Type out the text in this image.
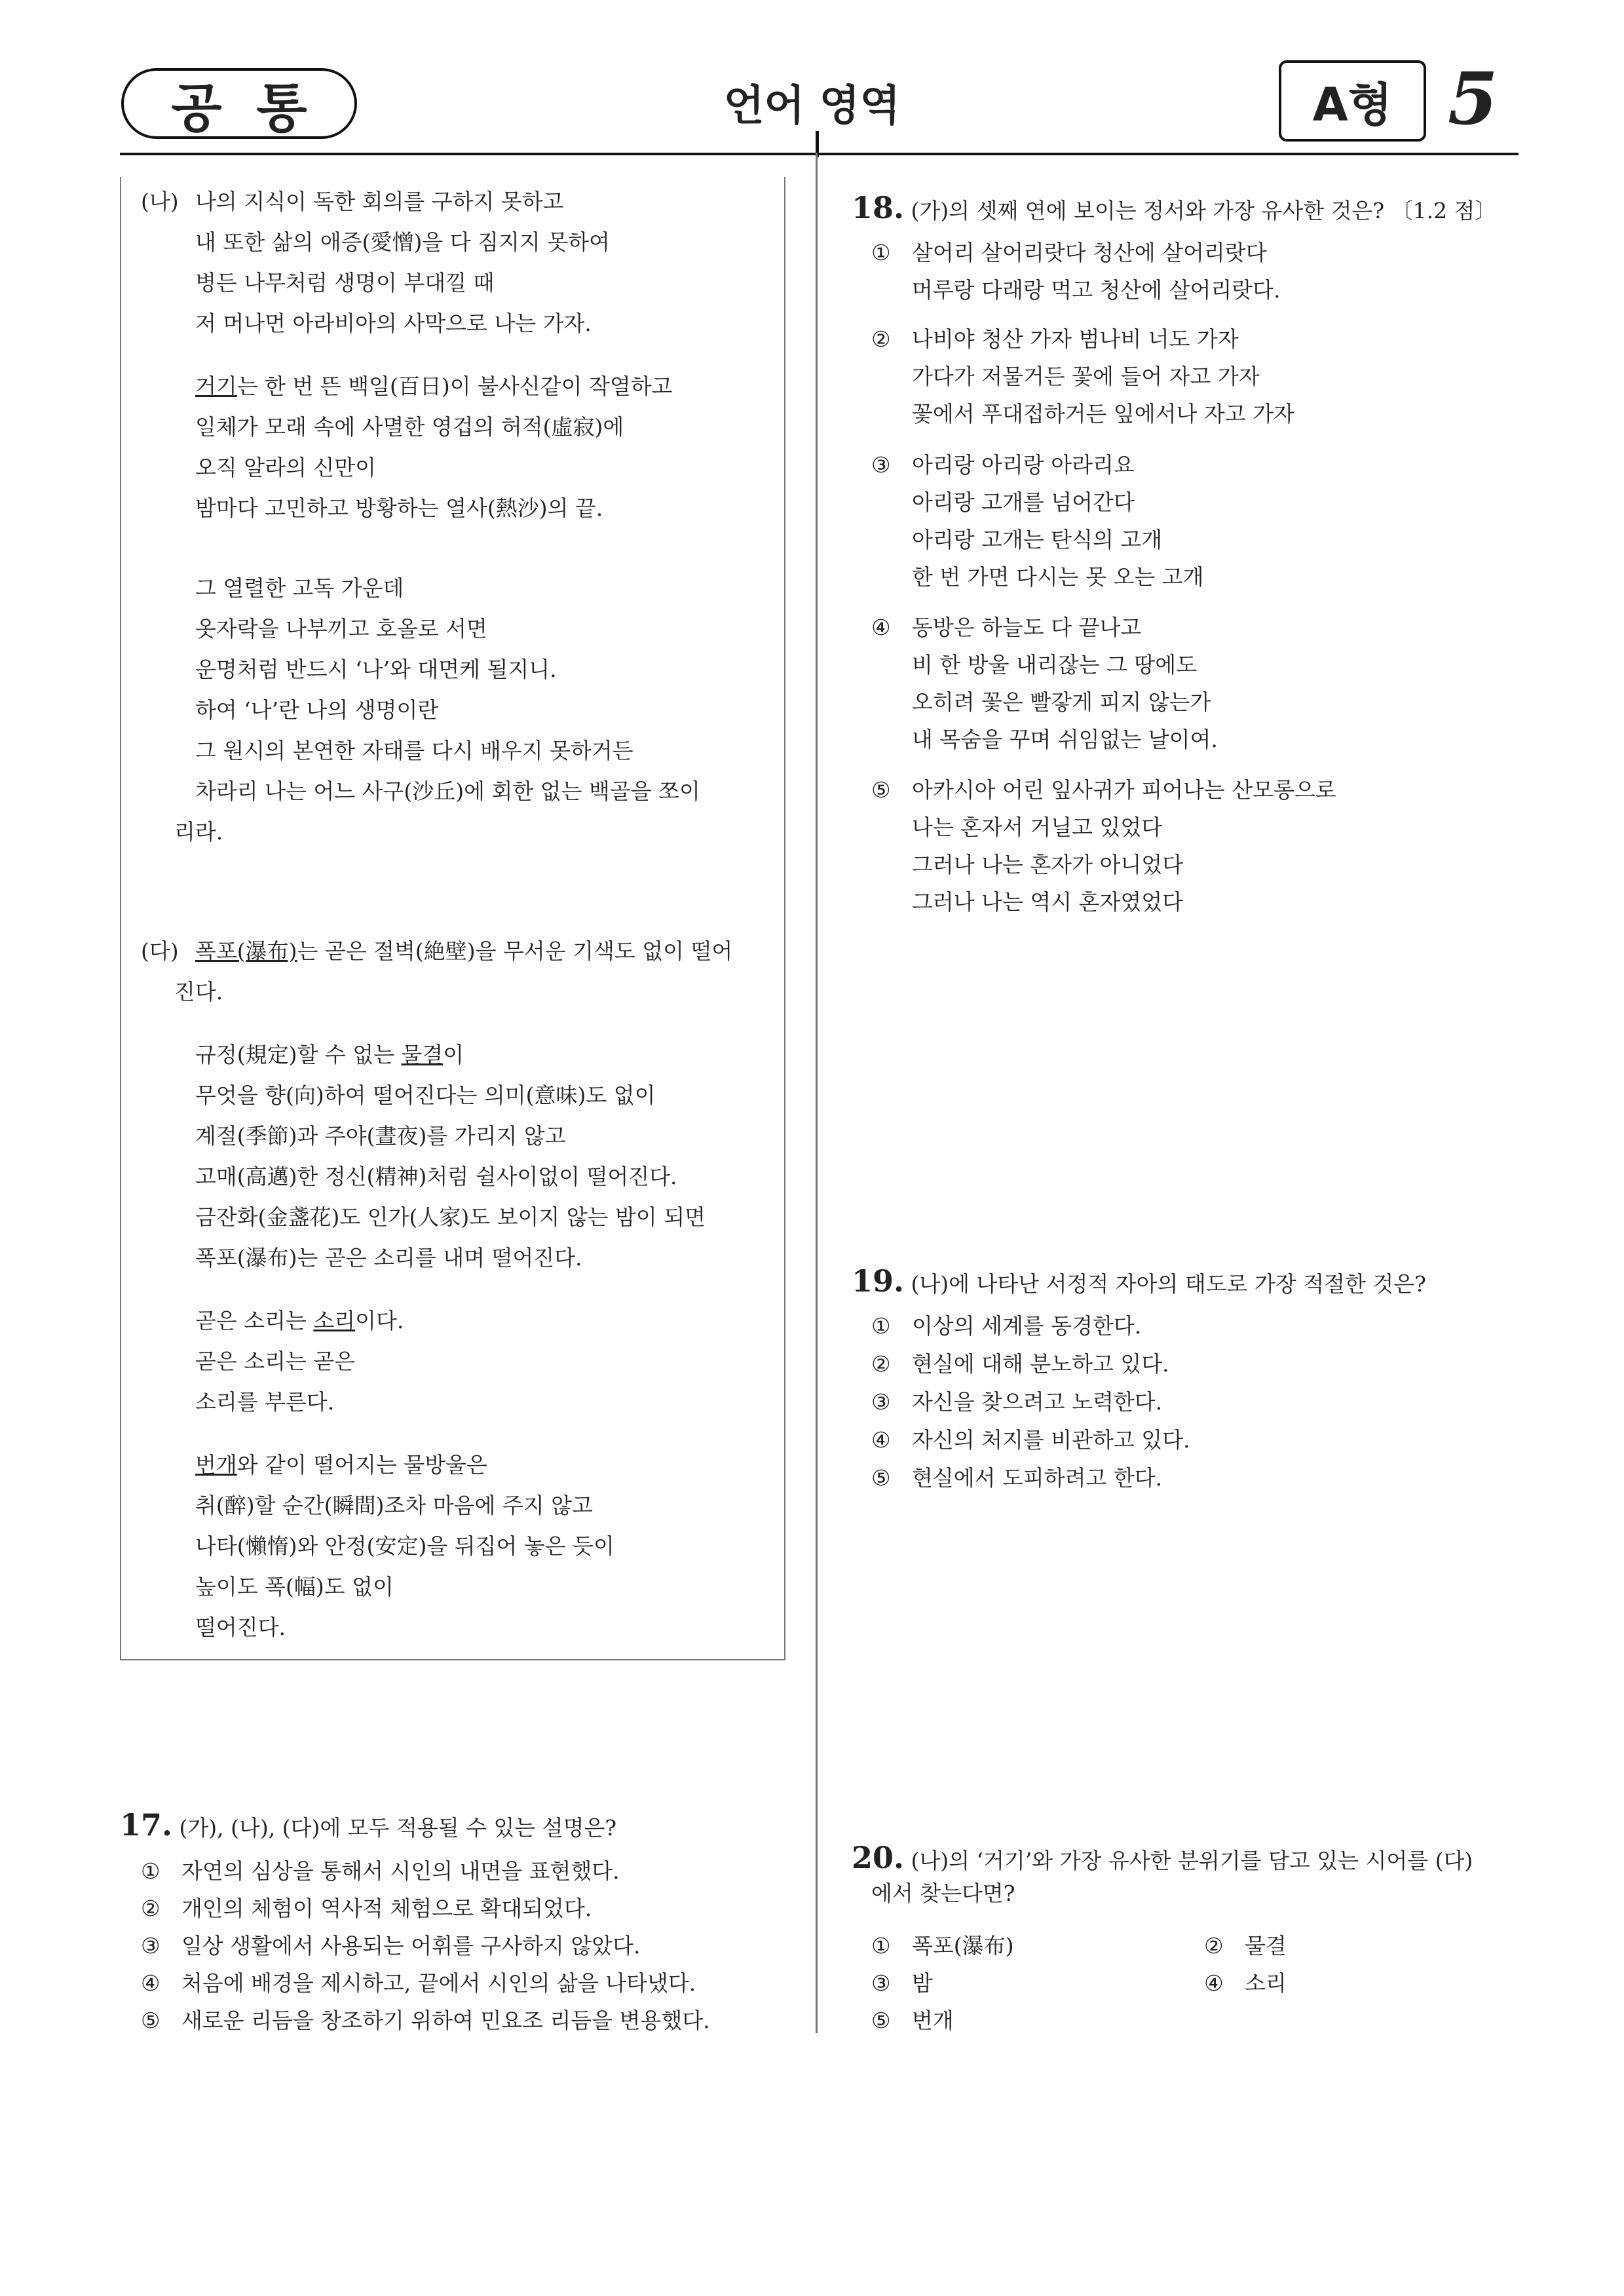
공 통	언어 영역	A형 5
(나) 나의 지식이 독한 회의를 구하지 못하고
내 또한 삶의 애증(愛憎)을 다 짐지지 못하여
병든 나무처럼 생명이 부대낄 때
저 머나먼 아라비아의 사막으로 나는 가자.
거기는 한 번 뜬 백일(百日)이 불사신같이 작열하고
일체가 모래 속에 사멸한 영겁의 허적(虛寂)에
오직 알라의 신만이
밤마다 고민하고 방황하는 열사(熱沙)의 끝.
그 열렬한 고독 가운데
옷자락을 나부끼고 호올로 서면
운명처럼 반드시 ‘나’와 대면케 될지니.
하여 ‘나’란 나의 생명이란
그 원시의 본연한 자태를 다시 배우지 못하거든
차라리 나는 어느 사구(沙丘)에 회한 없는 백골을 쪼이
리라.
(다) 폭포(瀑布)는 곧은 절벽(絶壁)을 무서운 기색도 없이 떨어
진다.
규정(規定)할 수 없는 물결이
무엇을 향(向)하여 떨어진다는 의미(意味)도 없이
계절(季節)과 주야(晝夜)를 가리지 않고
고매(高邁)한 정신(精神)처럼 쉴사이없이 떨어진다.
금잔화(金盞花)도 인가(人家)도 보이지 않는 밤이 되면
폭포(瀑布)는 곧은 소리를 내며 떨어진다.
곧은 소리는 소리이다.
곧은 소리는 곧은
소리를 부른다.
번개와 같이 떨어지는 물방울은
취(醉)할 순간(瞬間)조차 마음에 주지 않고
나타(懶惰)와 안정(安定)을 뒤집어 놓은 듯이
높이도 폭(幅)도 없이
떨어진다.
17. (가), (나), (다)에 모두 적용될 수 있는 설명은?
① 자연의 심상을 통해서 시인의 내면을 표현했다.
② 개인의 체험이 역사적 체험으로 확대되었다.
③ 일상 생활에서 사용되는 어휘를 구사하지 않았다.
④ 처음에 배경을 제시하고, 끝에서 시인의 삶을 나타냈다.
⑤ 새로운 리듬을 창조하기 위하여 민요조 리듬을 변용했다.
18. (가)의 셋째 연에 보이는 정서와 가장 유사한 것은? 〔1.2 점〕
① 살어리 살어리랏다 청산에 살어리랏다
머루랑 다래랑 먹고 청산에 살어리랏다.
② 나비야 청산 가자 범나비 너도 가자
가다가 저물거든 꽃에 들어 자고 가자
꽃에서 푸대접하거든 잎에서나 자고 가자
③ 아리랑 아리랑 아라리요
아리랑 고개를 넘어간다
아리랑 고개는 탄식의 고개
한 번 가면 다시는 못 오는 고개
④ 동방은 하늘도 다 끝나고
비 한 방울 내리잖는 그 땅에도
오히려 꽃은 빨갛게 피지 않는가
내 목숨을 꾸며 쉬임없는 날이여.
⑤ 아카시아 어린 잎사귀가 피어나는 산모롱으로
나는 혼자서 거닐고 있었다
그러나 나는 혼자가 아니었다
그러나 나는 역시 혼자였었다
19. (나)에 나타난 서정적 자아의 태도로 가장 적절한 것은?
① 이상의 세계를 동경한다.
② 현실에 대해 분노하고 있다.
③ 자신을 찾으려고 노력한다.
④ 자신의 처지를 비관하고 있다.
⑤ 현실에서 도피하려고 한다.
20. (나)의 ‘거기’와 가장 유사한 분위기를 담고 있는 시어를 (다)
에서 찾는다면?
① 폭포(瀑布)	② 물결
③ 밤	④ 소리
⑤ 번개
